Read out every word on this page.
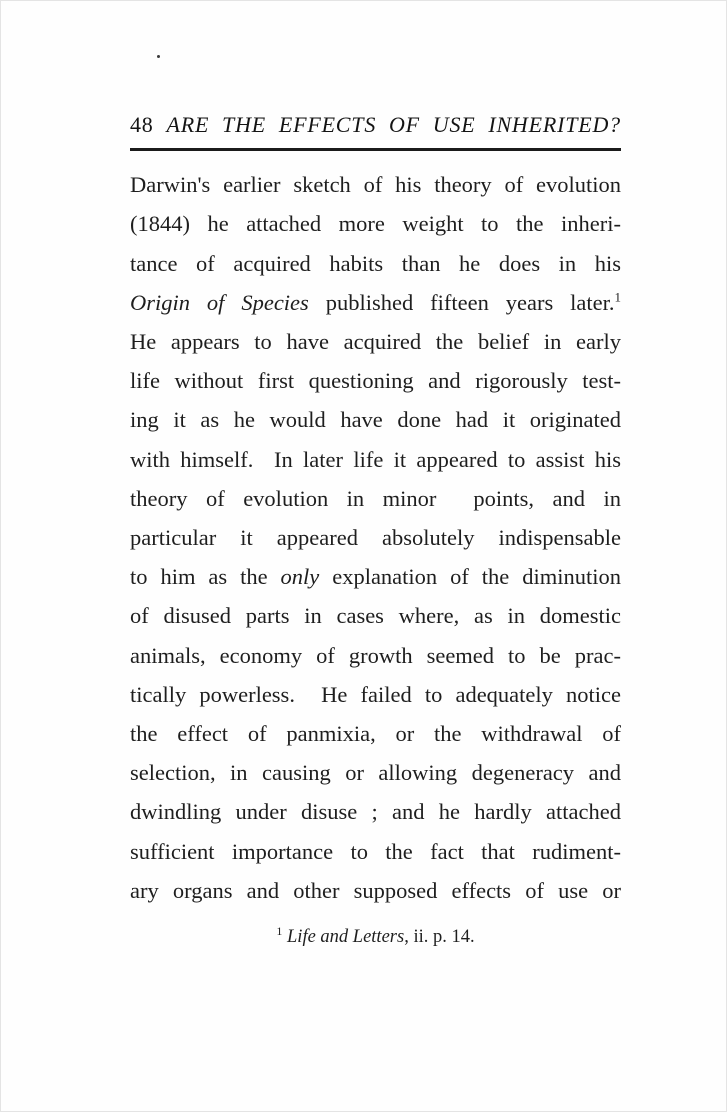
48 ARE THE EFFECTS OF USE INHERITED?
Darwin's earlier sketch of his theory of evolution
(1844) he attached more weight to the inheri-
tance of acquired habits than he does in his
Origin of Species published fifteen years later.$^1$
He appears to have acquired the belief in early
life without first questioning and rigorously test-
ing it as he would have done had it originated
with himself.  In later life it appeared to assist his
theory of evolution in minor  points, and in
particular it appeared absolutely indispensable
to him as the only explanation of the diminution
of disused parts in cases where, as in domestic
animals, economy of growth seemed to be prac-
tically powerless.  He failed to adequately notice
the effect of panmixia, or the withdrawal of
selection, in causing or allowing degeneracy and
dwindling under disuse ; and he hardly attached
sufficient importance to the fact that rudiment-
ary organs and other supposed effects of use or
$^1$ Life and Letters, ii. p. 14.
